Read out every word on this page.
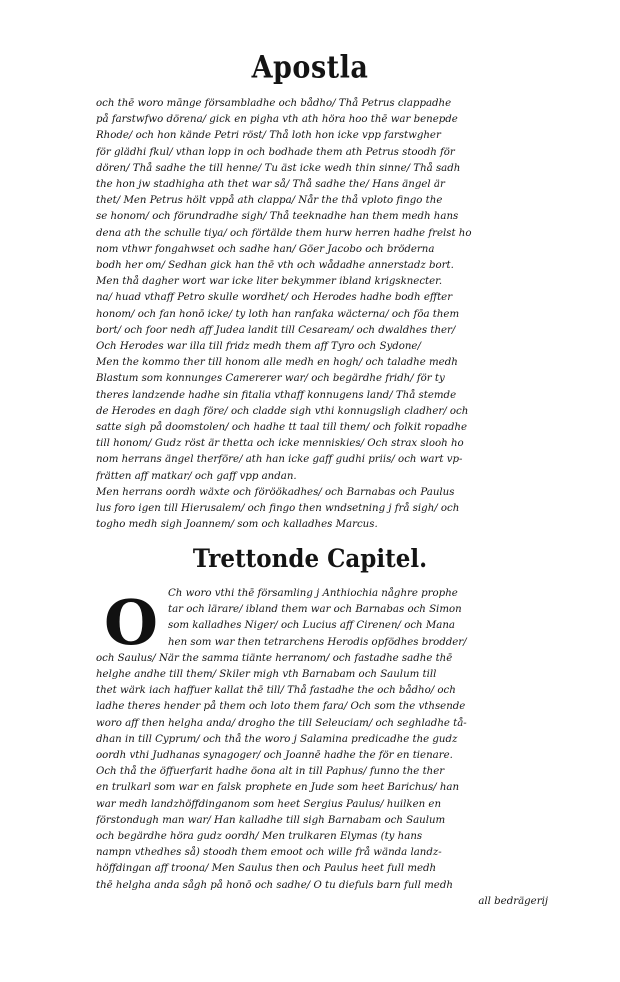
Apostla
och thē woro mānge försambladhe och bådho/ Thå Petrus clappadhe
på farstwfwo dörena/ gick en pigha vth ath höra hoo thē war benepde
Rhode/ och hon kände Petri röst/ Thå loth hon icke vpp farstwgher
för glädhi fkul/ vthan lopp in och bodhade them ath Petrus stoodh för
dören/ Thå sadhe the till henne/ Tu äst icke wedh thin sinne/ Thå sadh
the hon jw stadhigha ath thet war så/ Thå sadhe the/ Hans ängel är
thet/ Men Petrus hölt vppå ath clappa/ Når the thå vploto fingo the
se honom/ och förundradhe sigh/ Thå teeknadhe han them medh hans
dena ath the schulle tiya/ och förtälde them hurw herren hadhe frelst ho
nom vthwr fongahwset och sadhe han/ Göer Jacobo och bröderna
bodh her om/ Sedhan gick han thē vth och wådadhe annerstadz bort.
Men thå dagher wort war icke liter bekymmer ibland krigsknecter.
na/ huad vthaff Petro skulle wordhet/ och Herodes hadhe bodh effter
honom/ och fan honō icke/ ty loth han ranfaka wäcterna/ och fōa them
bort/ och foor nedh aff Judea landit till Cesaream/ och dwaldhes ther/
Och Herodes war illa till fridz medh them aff Tyro och Sydone/
Men the kommo ther till honom alle medh en hogh/ och taladhe medh
Blastum som konnunges Camererer war/ och begärdhe fridh/ för ty
theres landzende hadhe sin fitalia vthaff konnugens land/ Thå stemde
de Herodes en dagh före/ och cladde sigh vthi konnugsligh cladher/ och
satte sigh på doomstolen/ och hadhe tt taal till them/ och folkit ropadhe
till honom/ Gudz röst är thetta och icke menniskies/ Och strax slooh ho
nom herrans ängel therföre/ ath han icke gaff gudhi priis/ och wart vp-
frätten aff matkar/ och gaff vpp andan.
Men herrans oordh wäxte och föröökadhes/ och Barnabas och Paulus
lus foro igen till Hierusalem/ och fingo then wndsetning j frå sigh/ och
togho medh sigh Joannem/ som och kalladhes Marcus.
Trettonde Capitel.
O Ch woro vthi thē församling j Anthiochia någhre prophe
tar och lärare/ ibland them war och Barnabas och Simon
som kalladhes Niger/ och Lucius aff Cirenen/ och Mana
hen som war then tetrarchens Herodis opfödhes brodder/
och Saulus/ När the samma tiänte herranom/ och fastadhe sadhe thē
helghe andhe till them/ Skiler migh vth Barnabam och Saulum till
thet wärk iach haffuer kallat thē till/ Thå fastadhe the och bådho/ och
ladhe theres hender på them och loto them fara/ Och som the vthsende
woro aff then helgha anda/ drogho the till Seleuciam/ och seghladhe tå-
dhan in till Cyprum/ och thå the woro j Salamina predicadhe the gudz
oordh vthi Judhanas synagoger/ och Joannē hadhe the för en tienare.
Och thå the öffuerfarit hadhe öona alt in till Paphus/ funno the ther
en trulkarl som war en falsk prophete en Jude som heet Barichus/ han
war medh landzhöffdinganom som heet Sergius Paulus/ huilken en
förstondugh man war/ Han kalladhe till sigh Barnabam och Saulum
och begärdhe höra gudz oordh/ Men trulkaren Elymas (ty hans
nampn vthedhes så) stoodh them emoot och wille frå wända landz-
höffdingan aff troona/ Men Saulus then och Paulus heet full medh
thē helgha anda sågh på honō och sadhe/ O tu diefuls barn full medh
all bedrägerij
